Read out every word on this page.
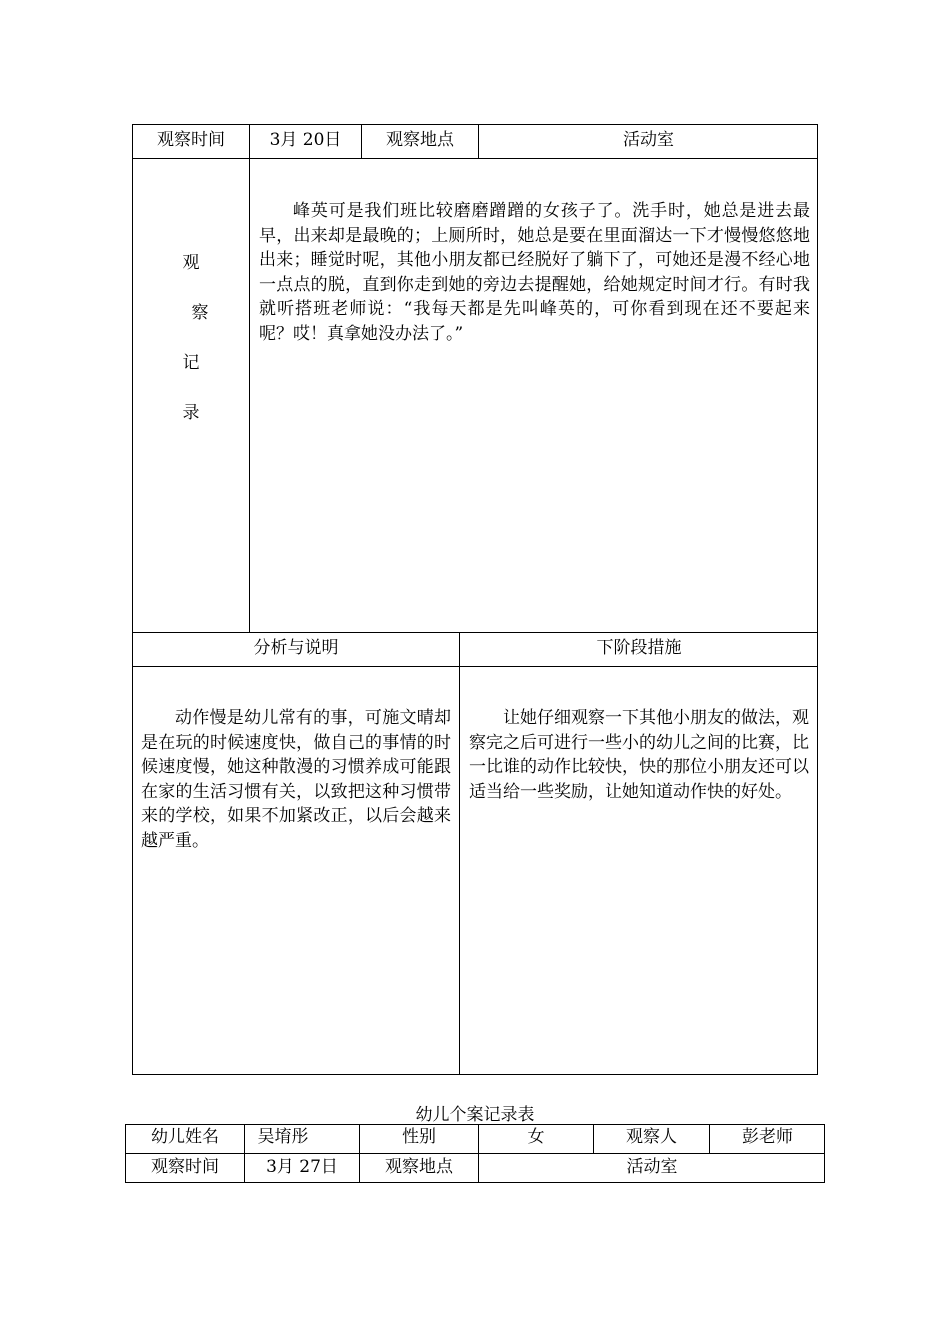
观察时间	3月 20日	观察地点	活动室
观
察
记
录
峰英可是我们班比较磨磨蹭蹭的女孩子了。洗手时，她总是进去最早，出来却是最晚的；上厕所时，她总是要在里面溜达一下才慢慢悠悠地出来；睡觉时呢，其他小朋友都已经脱好了躺下了，可她还是漫不经心地一点点的脱，直到你走到她的旁边去提醒她，给她规定时间才行。有时我就听搭班老师说：“我每天都是先叫峰英的，可你看到现在还不要起来呢？哎！真拿她没办法了。”
分析与说明	下阶段措施
动作慢是幼儿常有的事，可施文晴却是在玩的时候速度快，做自己的事情的时候速度慢，她这种散漫的习惯养成可能跟在家的生活习惯有关，以致把这种习惯带来的学校，如果不加紧改正，以后会越来越严重。
让她仔细观察一下其他小朋友的做法，观察完之后可进行一些小的幼儿之间的比赛，比一比谁的动作比较快，快的那位小朋友还可以适当给一些奖励，让她知道动作快的好处。
幼儿个案记录表
幼儿姓名	吴堉彤	性别	女	观察人	彭老师
观察时间	3月 27日	观察地点	活动室
